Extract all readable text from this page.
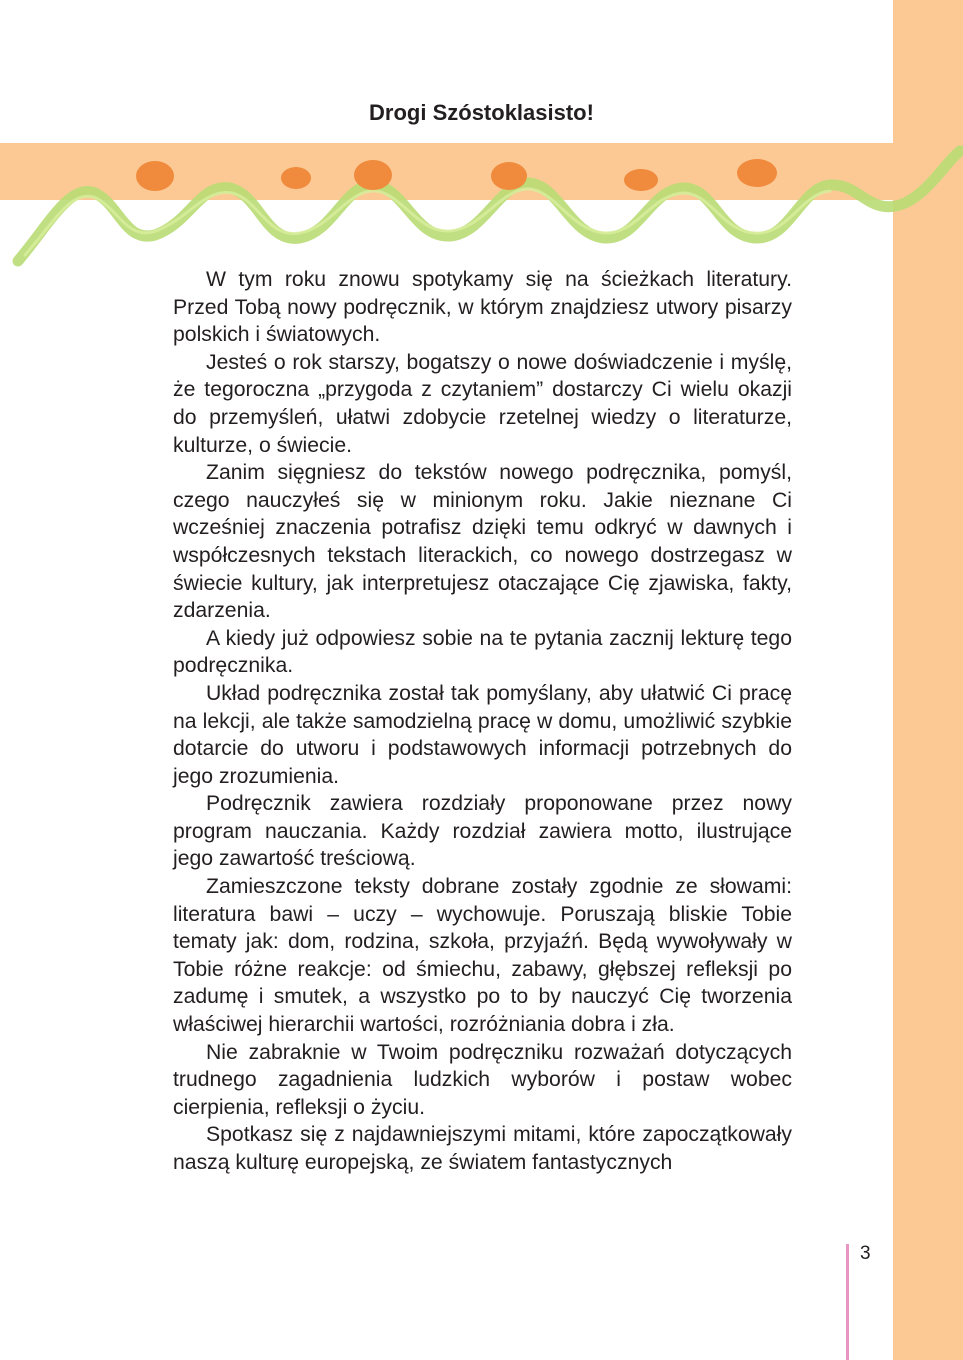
Drogi Szóstoklasisto!

W tym roku znowu spotykamy się na ścieżkach literatury. Przed Tobą nowy podręcznik, w którym znajdziesz utwory pisarzy polskich i światowych.

Jesteś o rok starszy, bogatszy o nowe doświadczenie i myślę, że tegoroczna „przygoda z czytaniem” dostarczy Ci wielu okazji do przemyśleń, ułatwi zdobycie rzetelnej wiedzy o literaturze, kulturze, o świecie.

Zanim sięgniesz do tekstów nowego podręcznika, pomyśl, czego nauczyłeś się w minionym roku. Jakie nieznane Ci wcześniej znaczenia potrafisz dzięki temu odkryć w dawnych i współczesnych tekstach literackich, co nowego dostrzegasz w świecie kultury, jak interpretujesz otaczające Cię zjawiska, fakty, zdarzenia.

A kiedy już odpowiesz sobie na te pytania zacznij lekturę tego podręcznika.

Układ podręcznika został tak pomyślany, aby ułatwić Ci pracę na lekcji, ale także samodzielną pracę w domu, umożliwić szybkie dotarcie do utworu i podstawowych informacji potrzebnych do jego zrozumienia.

Podręcznik zawiera rozdziały proponowane przez nowy program nauczania. Każdy rozdział zawiera motto, ilustrujące jego zawartość treściową.

Zamieszczone teksty dobrane zostały zgodnie ze słowami: literatura bawi – uczy – wychowuje. Poruszają bliskie Tobie tematy jak: dom, rodzina, szkoła, przyjaźń. Będą wywoływały w Tobie różne reakcje: od śmiechu, zabawy, głębszej refleksji po zadumę i smutek, a wszystko po to by nauczyć Cię tworzenia właściwej hierarchii wartości, rozróżniania dobra i zła.

Nie zabraknie w Twoim podręczniku rozważań dotyczących trudnego zagadnienia ludzkich wyborów i postaw wobec cierpienia, refleksji o życiu.

Spotkasz się z najdawniejszymi mitami, które zapoczątkowały naszą kulturę europejską, ze światem fantastycznych

3
